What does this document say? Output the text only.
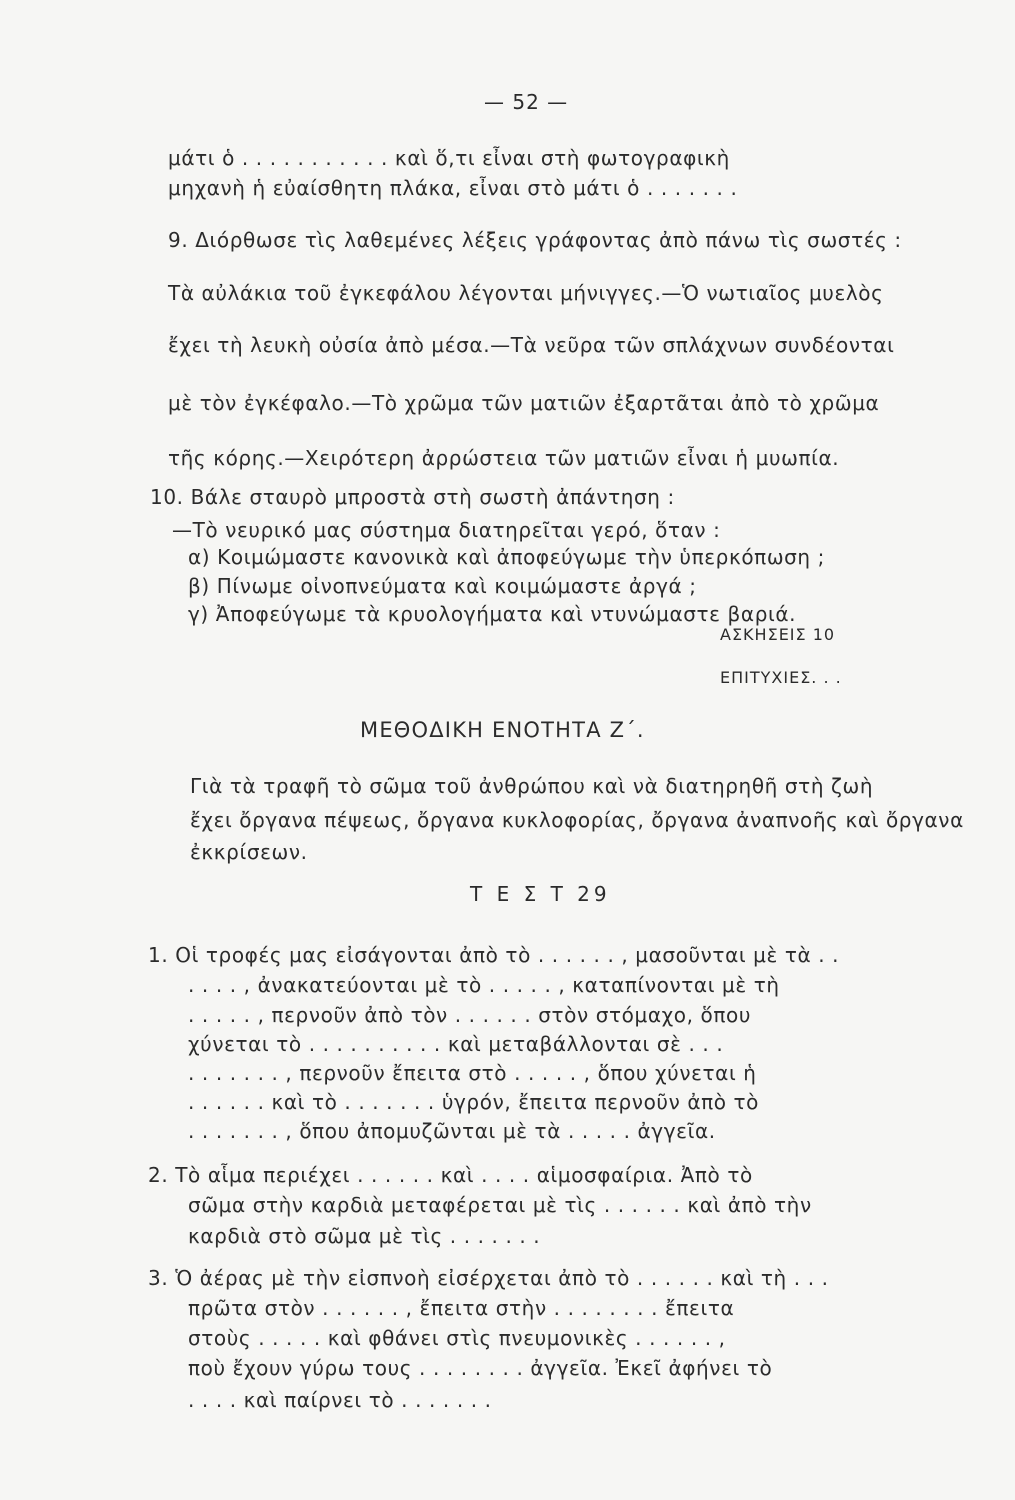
— 52 —
μάτι ὁ . . . . . . . . . . . καὶ ὅ,τι εἶναι στὴ φωτογραφικὴ
μηχανὴ ἡ εὐαίσθητη πλάκα, εἶναι στὸ μάτι ὁ . . . . . . .
9. Διόρθωσε τὶς λαθεμένες λέξεις γράφοντας ἀπὸ πάνω τὶς σωστές :
Τὰ αὐλάκια τοῦ ἐγκεφάλου λέγονται μήνιγγες.—Ὁ νωτιαῖος μυελὸς
ἔχει τὴ λευκὴ οὐσία ἀπὸ μέσα.—Τὰ νεῦρα τῶν σπλάχνων συνδέονται
μὲ τὸν ἐγκέφαλο.—Τὸ χρῶμα τῶν ματιῶν ἐξαρτᾶται ἀπὸ τὸ χρῶμα
τῆς κόρης.—Χειρότερη ἀρρώστεια τῶν ματιῶν εἶναι ἡ μυωπία.
10. Βάλε σταυρὸ μπροστὰ στὴ σωστὴ ἀπάντηση :
—Τὸ νευρικό μας σύστημα διατηρεῖται γερό, ὅταν :
α) Κοιμώμαστε κανονικὰ καὶ ἀποφεύγωμε τὴν ὑπερκόπωση ;
β) Πίνωμε οἰνοπνεύματα καὶ κοιμώμαστε ἀργά ;
γ) Ἀποφεύγωμε τὰ κρυολογήματα καὶ ντυνώμαστε βαριά.
ΑΣΚΗΣΕΙΣ 10
ΕΠΙΤΥΧΙΕΣ. . .
ΜΕΘΟΔΙΚΗ ΕΝΟΤΗΤΑ Ζ΄.
Γιὰ τὰ τραφῆ τὸ σῶμα τοῦ ἀνθρώπου καὶ νὰ διατηρηθῆ στὴ ζωὴ
ἔχει ὄργανα πέψεως, ὄργανα κυκλοφορίας, ὄργανα ἀναπνοῆς καὶ ὄργανα
ἐκκρίσεων.
Τ Ε Σ Τ 29
1. Οἱ τροφές μας εἰσάγονται ἀπὸ τὸ . . . . . . , μασοῦνται μὲ τὰ . .
. . . . , ἀνακατεύονται μὲ τὸ . . . . . , καταπίνονται μὲ τὴ
. . . . . , περνοῦν ἀπὸ τὸν . . . . . . στὸν στόμαχο, ὅπου
χύνεται τὸ . . . . . . . . . . καὶ μεταβάλλονται σὲ . . .
. . . . . . . , περνοῦν ἔπειτα στὸ . . . . . , ὅπου χύνεται ἡ
. . . . . . καὶ τὸ . . . . . . . ὑγρόν, ἔπειτα περνοῦν ἀπὸ τὸ
. . . . . . . , ὅπου ἀπομυζῶνται μὲ τὰ . . . . . ἀγγεῖα.
2. Τὸ αἷμα περιέχει . . . . . . καὶ . . . . αἱμοσφαίρια. Ἀπὸ τὸ
σῶμα στὴν καρδιὰ μεταφέρεται μὲ τὶς . . . . . . καὶ ἀπὸ τὴν
καρδιὰ στὸ σῶμα μὲ τὶς . . . . . . .
3. Ὁ ἀέρας μὲ τὴν εἰσπνοὴ εἰσέρχεται ἀπὸ τὸ . . . . . . καὶ τὴ . . .
πρῶτα στὸν . . . . . . , ἔπειτα στὴν . . . . . . . . ἔπειτα
στοὺς . . . . . καὶ φθάνει στὶς πνευμονικὲς . . . . . . ,
ποὺ ἔχουν γύρω τους . . . . . . . . ἀγγεῖα. Ἐκεῖ ἀφήνει τὸ
. . . . καὶ παίρνει τὸ . . . . . . .
